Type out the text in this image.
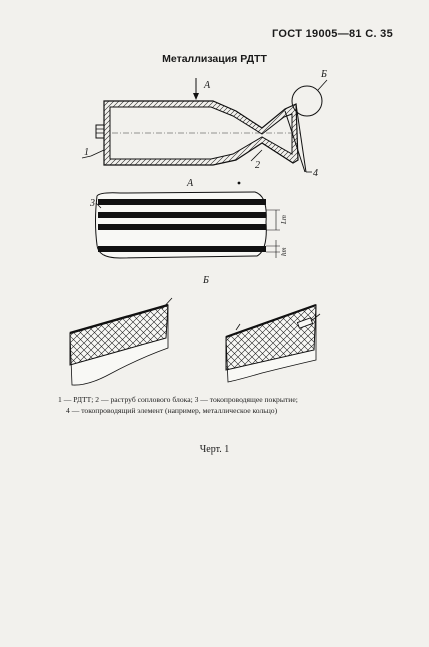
ГОСТ 19005—81 С. 35
Металлизация РДТТ
А
Б
1
2
4
А
Lт
hт
3
Б
1 — РДТТ; 2 — раструб соплового блока; 3 — токопроводящее покрытие;
4 — токопроводящий элемент (например, металлическое кольцо)
Черт. 1
